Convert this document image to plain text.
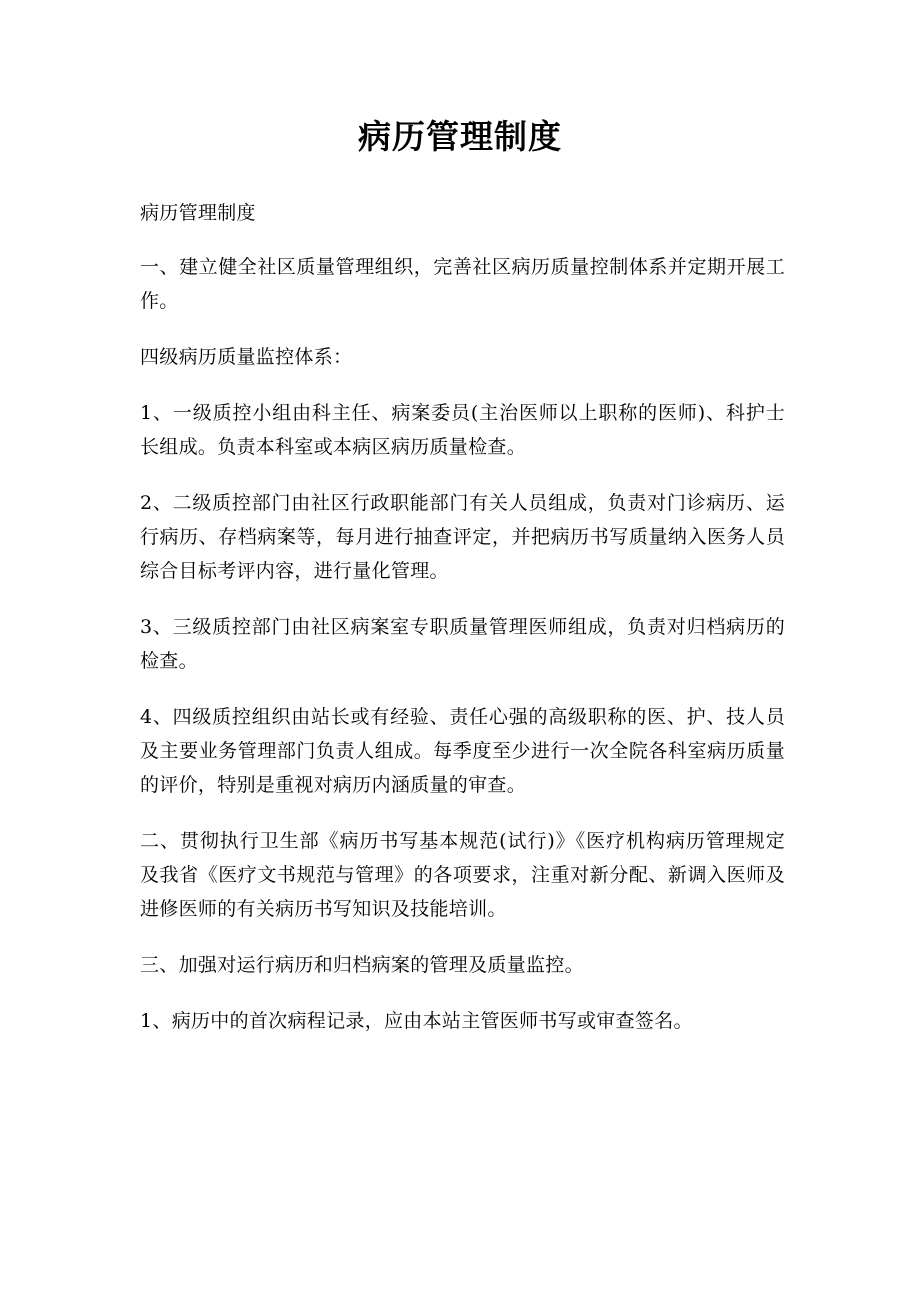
病历管理制度

病历管理制度

一、建立健全社区质量管理组织，完善社区病历质量控制体系并定期开展工作。

四级病历质量监控体系：

1、一级质控小组由科主任、病案委员(主治医师以上职称的医师)、科护士长组成。负责本科室或本病区病历质量检查。

2、二级质控部门由社区行政职能部门有关人员组成，负责对门诊病历、运行病历、存档病案等，每月进行抽查评定，并把病历书写质量纳入医务人员综合目标考评内容，进行量化管理。

3、三级质控部门由社区病案室专职质量管理医师组成，负责对归档病历的检查。

4、四级质控组织由站长或有经验、责任心强的高级职称的医、护、技人员及主要业务管理部门负责人组成。每季度至少进行一次全院各科室病历质量的评价，特别是重视对病历内涵质量的审查。

二、贯彻执行卫生部《病历书写基本规范(试行)》《医疗机构病历管理规定　 及我省《医疗文书规范与管理》的各项要求，注重对新分配、新调入医师及进修医师的有关病历书写知识及技能培训。

三、加强对运行病历和归档病案的管理及质量监控。

1、病历中的首次病程记录，应由本站主管医师书写或审查签名。
